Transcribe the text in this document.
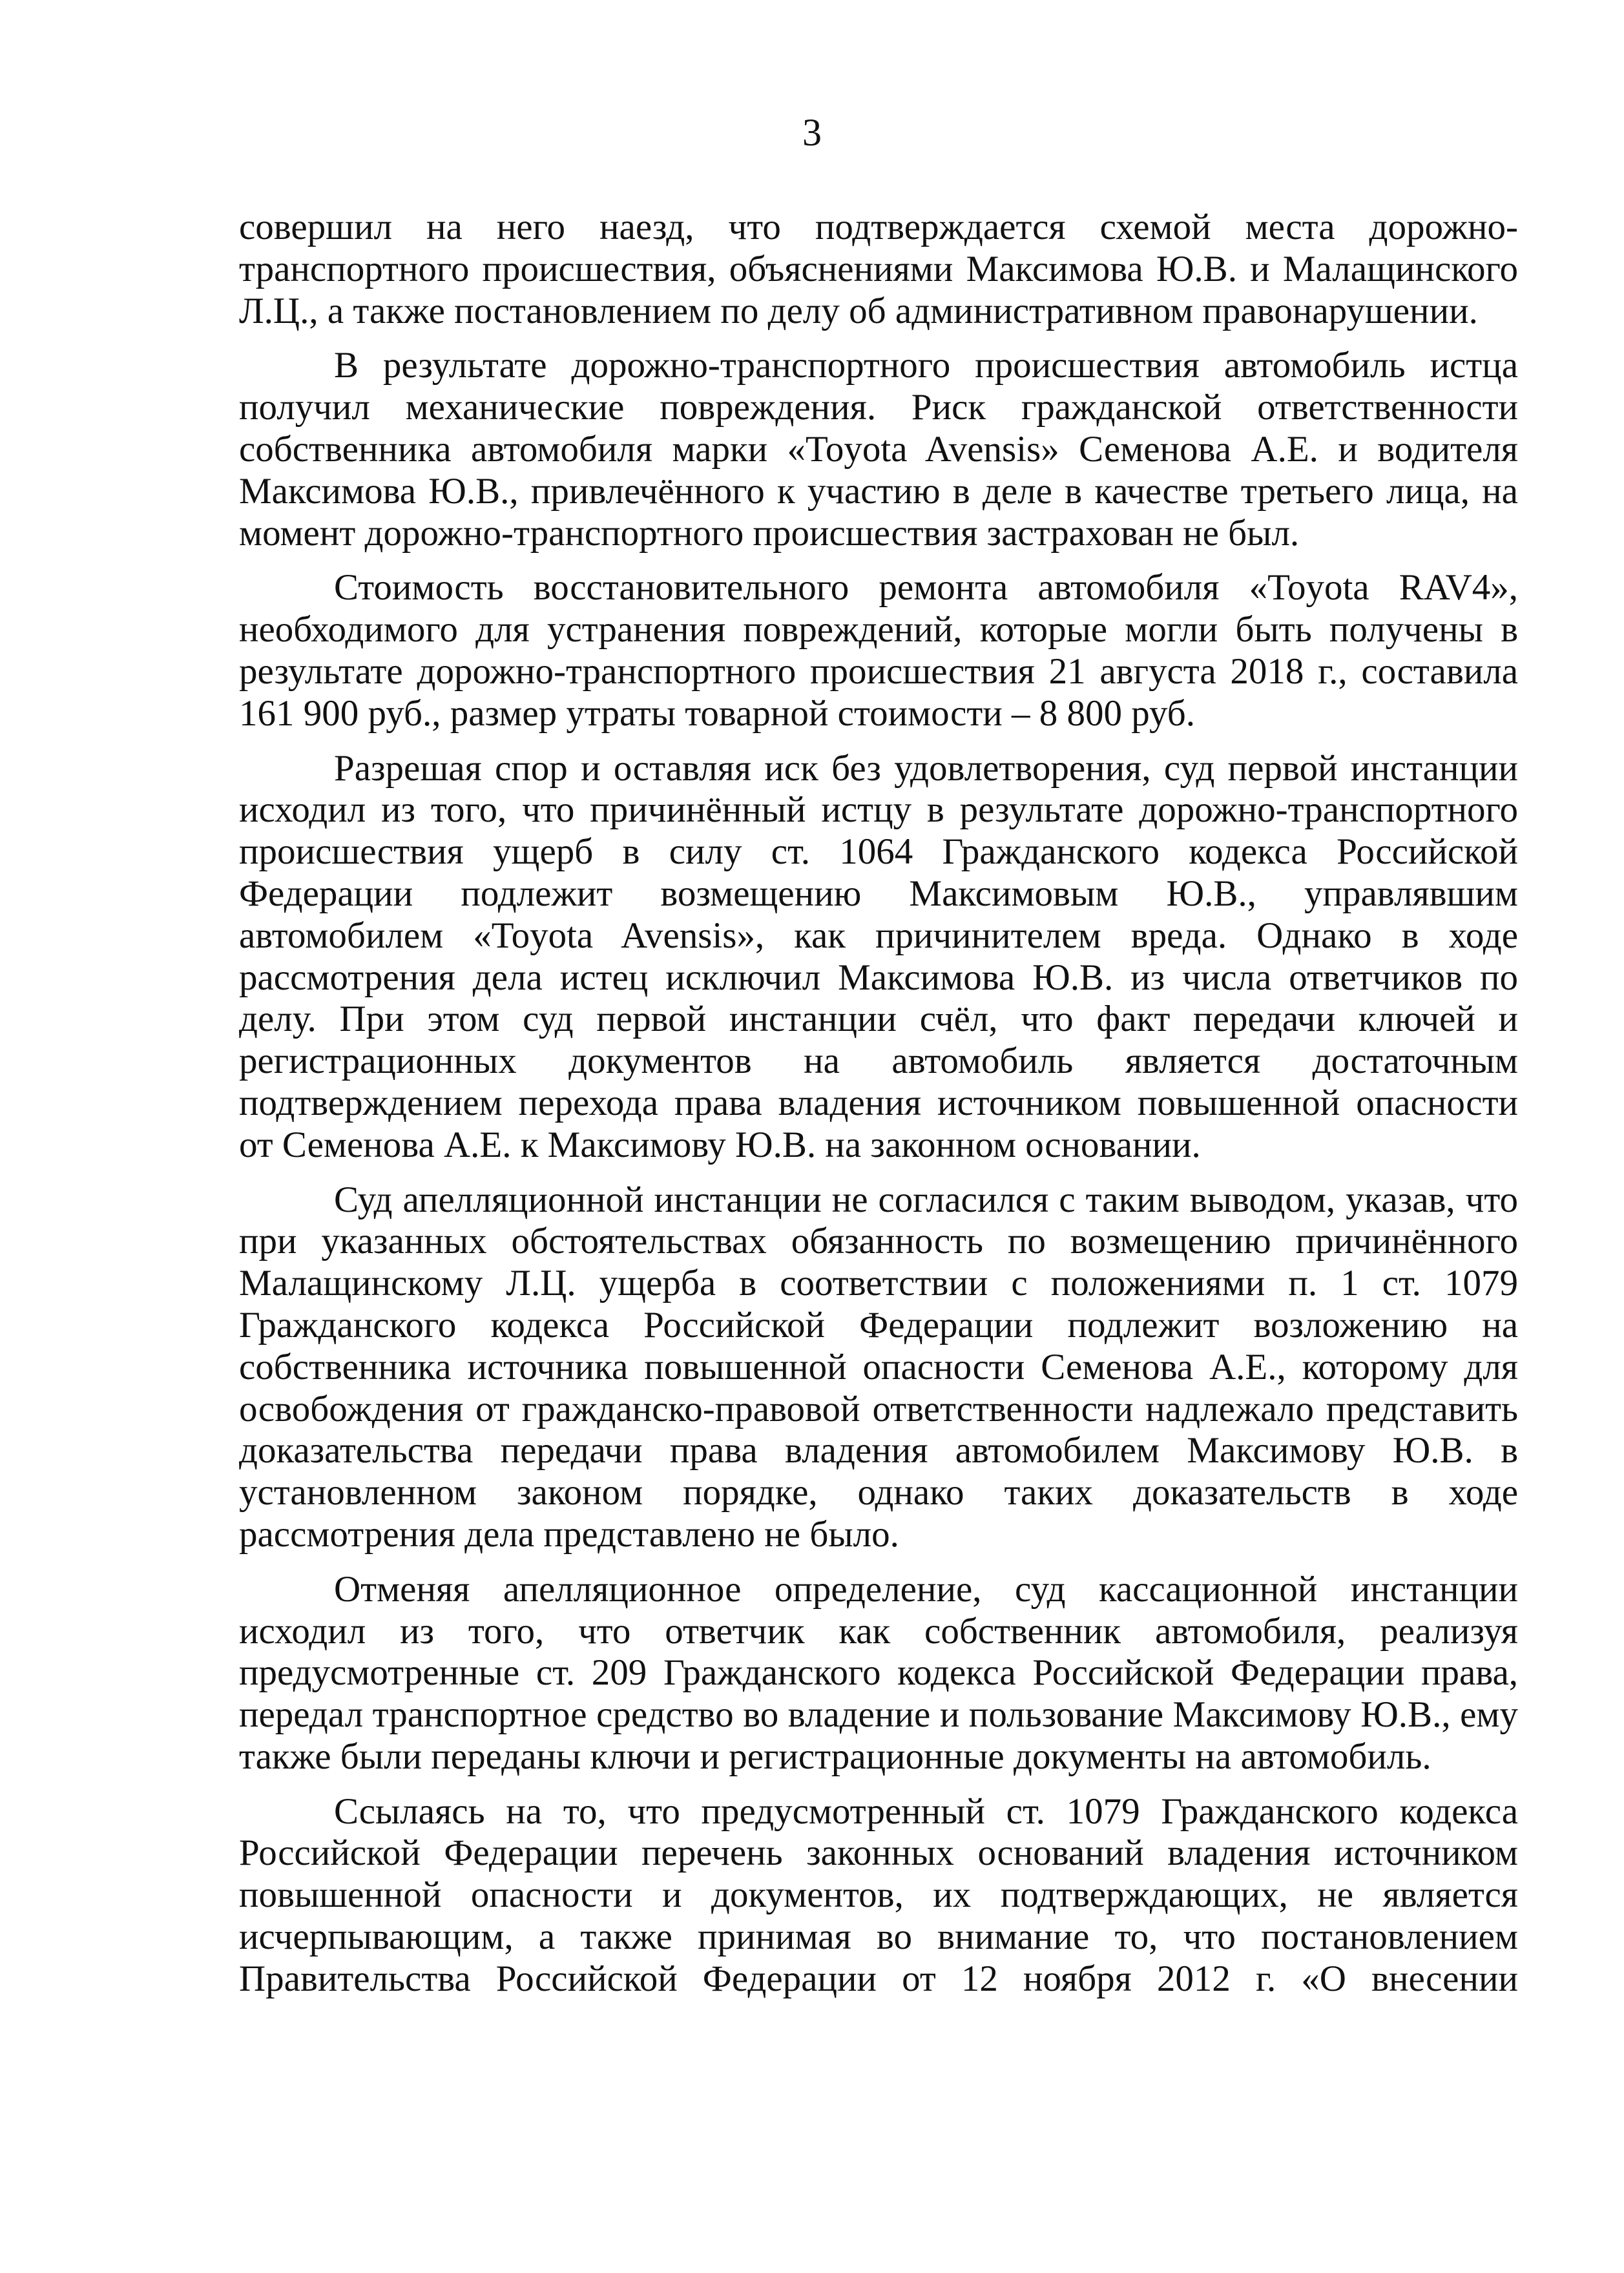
3

совершил на него наезд, что подтверждается схемой места дорожно-транспортного происшествия, объяснениями Максимова Ю.В. и Малащинского Л.Ц., а также постановлением по делу об административном правонарушении.

В результате дорожно-транспортного происшествия автомобиль истца получил механические повреждения. Риск гражданской ответственности собственника автомобиля марки «Toyota Avensis» Семенова А.Е. и водителя Максимова Ю.В., привлечённого к участию в деле в качестве третьего лица, на момент дорожно-транспортного происшествия застрахован не был.

Стоимость восстановительного ремонта автомобиля «Toyota RAV4», необходимого для устранения повреждений, которые могли быть получены в результате дорожно-транспортного происшествия 21 августа 2018 г., составила 161 900 руб., размер утраты товарной стоимости – 8 800 руб.

Разрешая спор и оставляя иск без удовлетворения, суд первой инстанции исходил из того, что причинённый истцу в результате дорожно-транспортного происшествия ущерб в силу ст. 1064 Гражданского кодекса Российской Федерации подлежит возмещению Максимовым Ю.В., управлявшим автомобилем «Toyota Avensis», как причинителем вреда. Однако в ходе рассмотрения дела истец исключил Максимова Ю.В. из числа ответчиков по делу. При этом суд первой инстанции счёл, что факт передачи ключей и регистрационных документов на автомобиль является достаточным подтверждением перехода права владения источником повышенной опасности от Семенова А.Е. к Максимову Ю.В. на законном основании.

Суд апелляционной инстанции не согласился с таким выводом, указав, что при указанных обстоятельствах обязанность по возмещению причинённого Малащинскому Л.Ц. ущерба в соответствии с положениями п. 1 ст. 1079 Гражданского кодекса Российской Федерации подлежит возложению на собственника источника повышенной опасности Семенова А.Е., которому для освобождения от гражданско-правовой ответственности надлежало представить доказательства передачи права владения автомобилем Максимову Ю.В. в установленном законом порядке, однако таких доказательств в ходе рассмотрения дела представлено не было.

Отменяя апелляционное определение, суд кассационной инстанции исходил из того, что ответчик как собственник автомобиля, реализуя предусмотренные ст. 209 Гражданского кодекса Российской Федерации права, передал транспортное средство во владение и пользование Максимову Ю.В., ему также были переданы ключи и регистрационные документы на автомобиль.

Ссылаясь на то, что предусмотренный ст. 1079 Гражданского кодекса Российской Федерации перечень законных оснований владения источником повышенной опасности и документов, их подтверждающих, не является исчерпывающим, а также принимая во внимание то, что постановлением Правительства Российской Федерации от 12 ноября 2012 г. «О внесении
